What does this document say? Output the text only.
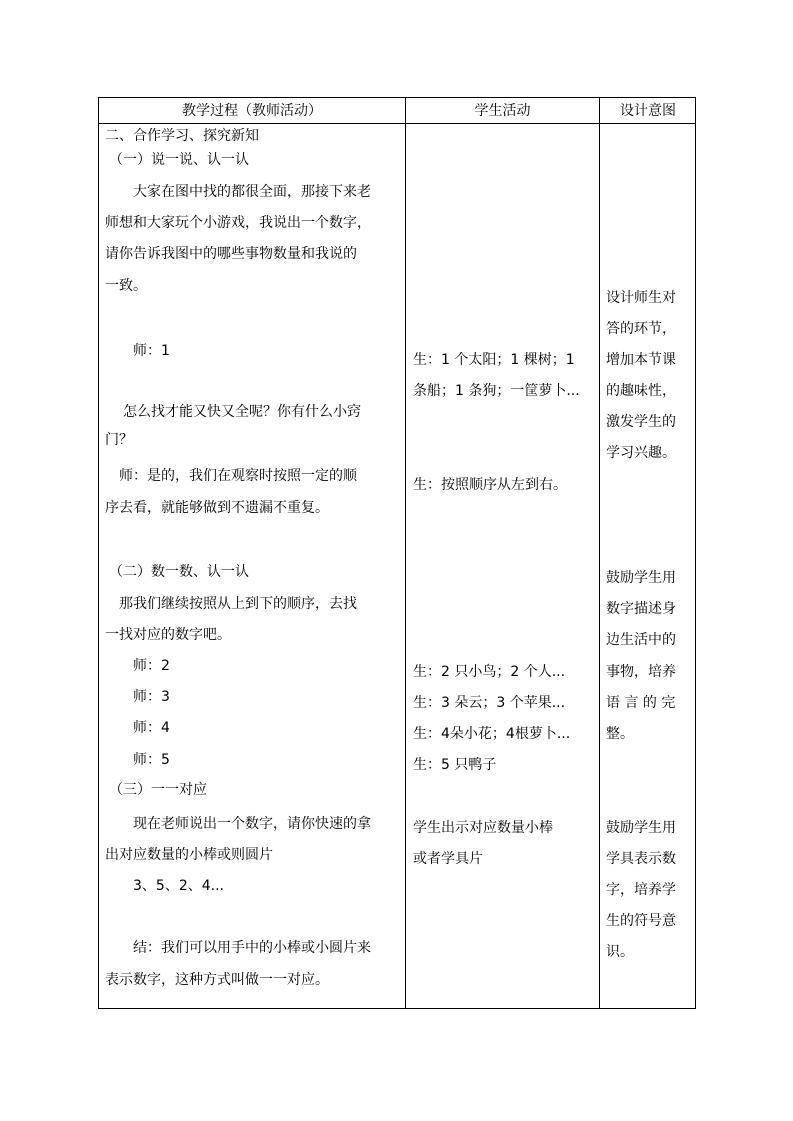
教学过程（教师活动）	学生活动	设计意图
二、合作学习、探究新知
（一）说一说、认一认
大家在图中找的都很全面，那接下来老
师想和大家玩个小游戏，我说出一个数字，
请你告诉我图中的哪些事物数量和我说的
一致。
师：1
怎么找才能又快又全呢？你有什么小窍
门？
师：是的，我们在观察时按照一定的顺
序去看，就能够做到不遗漏不重复。
（二）数一数、认一认
那我们继续按照从上到下的顺序，去找
一找对应的数字吧。
师：2
师：3
师：4
师：5
（三）一一对应
现在老师说出一个数字，请你快速的拿
出对应数量的小棒或则圆片
3、5、2、4...
结：我们可以用手中的小棒或小圆片来
表示数字，这种方式叫做一一对应。
生：1 个太阳；1 棵树；1
条船；1 条狗；一筐萝卜...
生：按照顺序从左到右。
生：2 只小鸟；2 个人...
生：3 朵云；3 个苹果...
生：4朵小花；4根萝卜...
生：5 只鸭子
学生出示对应数量小棒
或者学具片
设计师生对
答的环节，
增加本节课
的趣味性，
激发学生的
学习兴趣。
鼓励学生用
数字描述身
边生活中的
事物，培养
语 言 的 完
整。
鼓励学生用
学具表示数
字，培养学
生的符号意
识。
